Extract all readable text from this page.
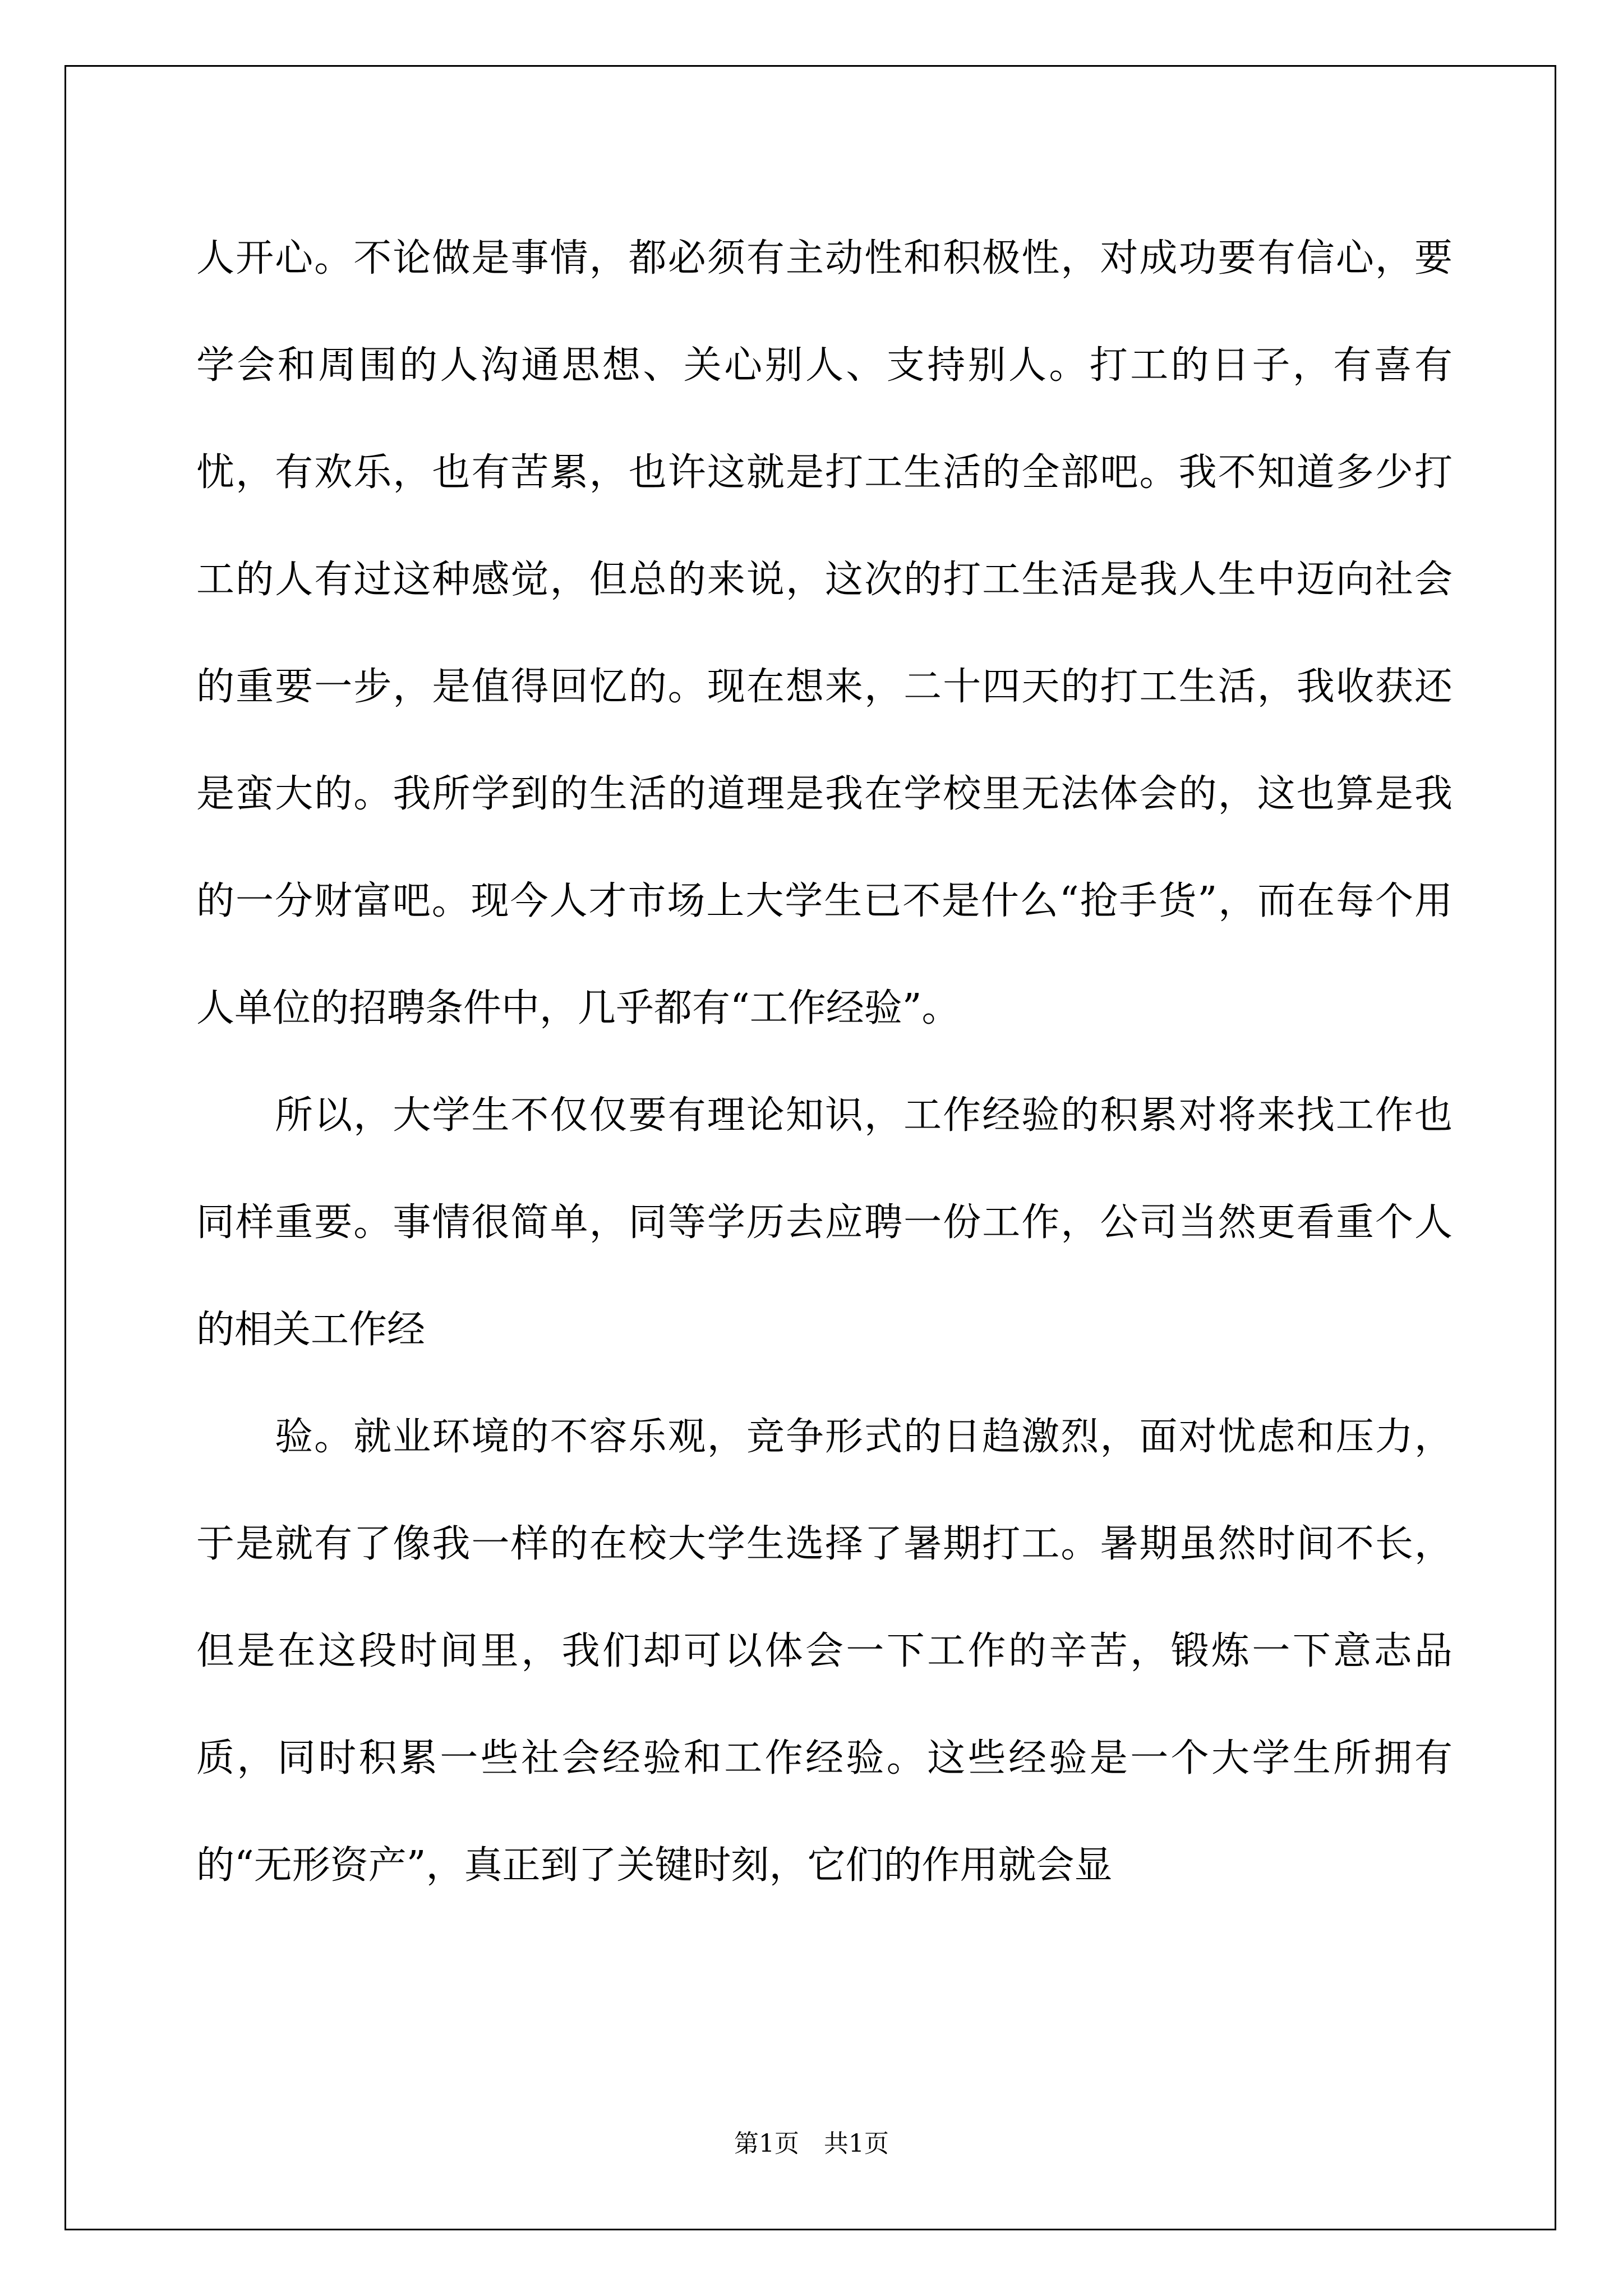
人开心。不论做是事情，都必须有主动性和积极性，对成功要有信心，要学会和周围的人沟通思想、关心别人、支持别人。打工的日子，有喜有忧，有欢乐，也有苦累，也许这就是打工生活的全部吧。我不知道多少打工的人有过这种感觉，但总的来说，这次的打工生活是我人生中迈向社会的重要一步，是值得回忆的。现在想来，二十四天的打工生活，我收获还是蛮大的。我所学到的生活的道理是我在学校里无法体会的，这也算是我的一分财富吧。现今人才市场上大学生已不是什么“抢手货”，而在每个用人单位的招聘条件中，几乎都有“工作经验”。

所以，大学生不仅仅要有理论知识，工作经验的积累对将来找工作也同样重要。事情很简单，同等学历去应聘一份工作，公司当然更看重个人的相关工作经

验。就业环境的不容乐观，竞争形式的日趋激烈，面对忧虑和压力，于是就有了像我一样的在校大学生选择了暑期打工。暑期虽然时间不长，但是在这段时间里，我们却可以体会一下工作的辛苦，锻炼一下意志品质，同时积累一些社会经验和工作经验。这些经验是一个大学生所拥有的“无形资产”，真正到了关键时刻，它们的作用就会显

第1页　共1页
